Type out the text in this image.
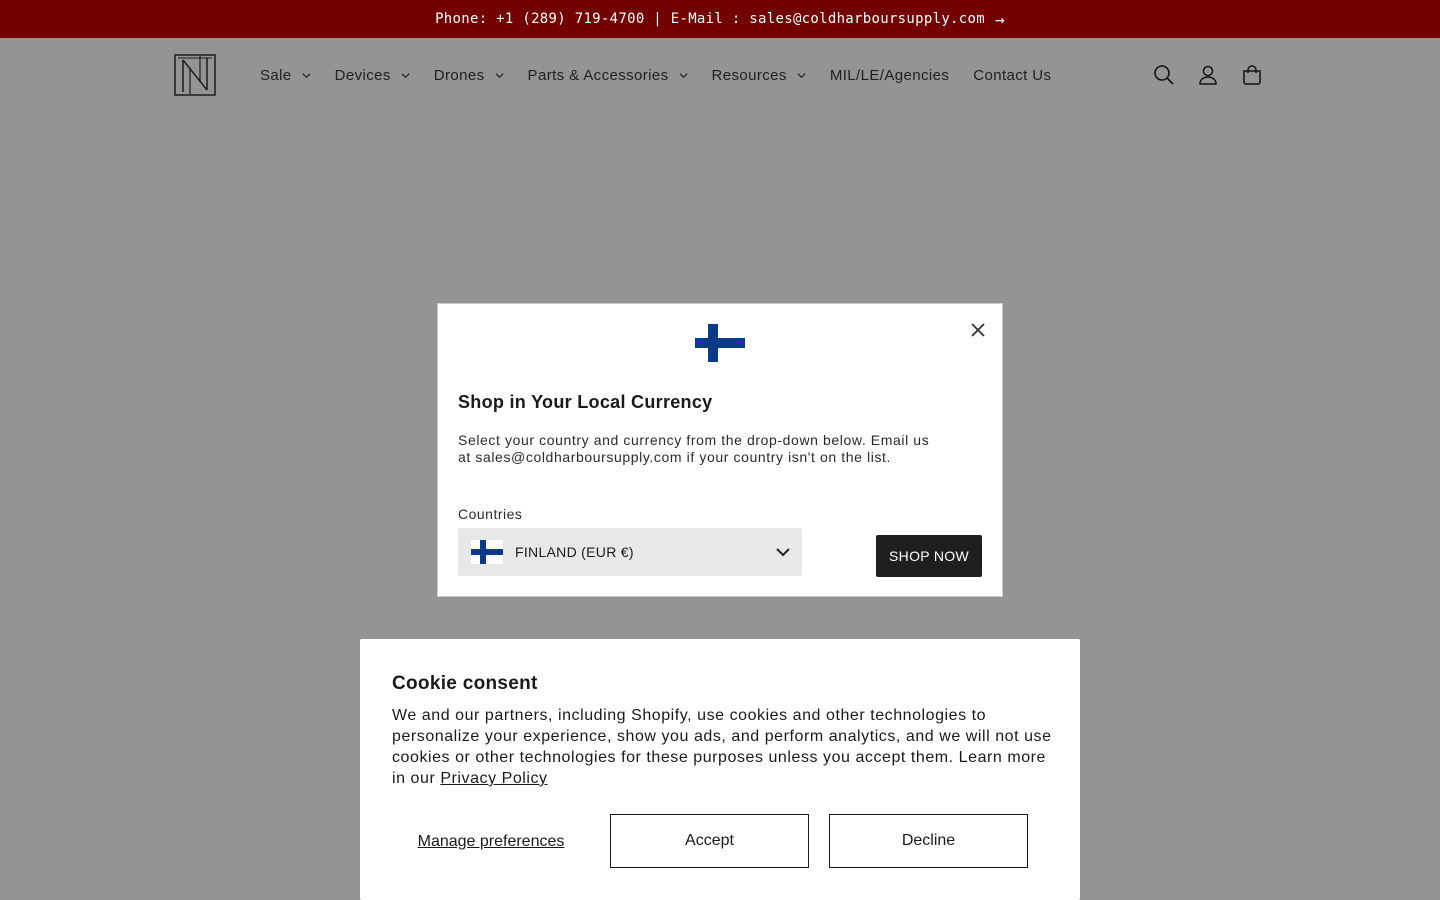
Phone: +1 (289) 719-4700 | E-Mail : sales@coldharboursupply.com →
Sale	Devices	Drones	Parts & Accessories	Resources	MIL/LE/Agencies Contact Us
Shop in Your Local Currency
Select your country and currency from the drop-down below. Email us at sales@coldharboursupply.com if your country isn't on the list.
Countries
FINLAND (EUR €)	SHOP NOW
Cookie consent
We and our partners, including Shopify, use cookies and other technologies to personalize your experience, show you ads, and perform analytics, and we will not use cookies or other technologies for these purposes unless you accept them. Learn more in our Privacy Policy
Manage preferences	Accept	Decline
